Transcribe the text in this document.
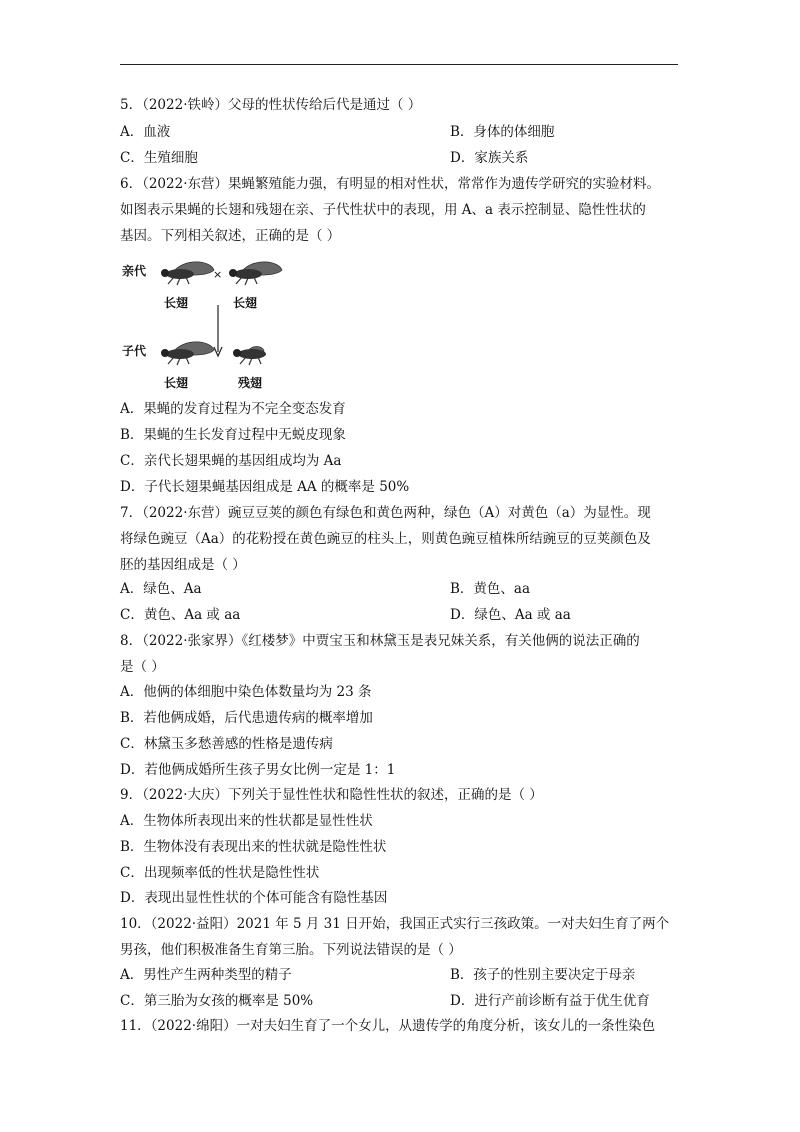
5．（2022·铁岭）父母的性状传给后代是通过（ ）
A．血液	B．身体的体细胞
C．生殖细胞	D．家族关系
6．（2022·东营）果蝇繁殖能力强，有明显的相对性状，常常作为遗传学研究的实验材料。
如图表示果蝇的长翅和残翅在亲、子代性状中的表现，用 A、a 表示控制显、隐性性状的
基因。下列相关叙述，正确的是（ ）
亲代	×
长翅	长翅
子代
长翅	残翅
A．果蝇的发育过程为不完全变态发育
B．果蝇的生长发育过程中无蜕皮现象
C．亲代长翅果蝇的基因组成均为 Aa
D．子代长翅果蝇基因组成是 AA 的概率是 50%
7．（2022·东营）豌豆豆荚的颜色有绿色和黄色两种，绿色（A）对黄色（a）为显性。现
将绿色豌豆（Aa）的花粉授在黄色豌豆的柱头上，则黄色豌豆植株所结豌豆的豆荚颜色及
胚的基因组成是（ ）
A．绿色、Aa	B．黄色、aa
C．黄色、Aa 或 aa	D．绿色、Aa 或 aa
8．（2022·张家界）《红楼梦》中贾宝玉和林黛玉是表兄妹关系，有关他俩的说法正确的
是（ ）
A．他俩的体细胞中染色体数量均为 23 条
B．若他俩成婚，后代患遗传病的概率增加
C．林黛玉多愁善感的性格是遗传病
D．若他俩成婚所生孩子男女比例一定是 1：1
9．（2022·大庆）下列关于显性性状和隐性性状的叙述，正确的是（ ）
A．生物体所表现出来的性状都是显性性状
B．生物体没有表现出来的性状就是隐性性状
C．出现频率低的性状是隐性性状
D．表现出显性性状的个体可能含有隐性基因
10．（2022·益阳）2021 年 5 月 31 日开始，我国正式实行三孩政策。一对夫妇生育了两个
男孩，他们积极准备生育第三胎。下列说法错误的是（ ）
A．男性产生两种类型的精子	B．孩子的性别主要决定于母亲
C．第三胎为女孩的概率是 50%	D．进行产前诊断有益于优生优育
11．（2022·绵阳）一对夫妇生育了一个女儿，从遗传学的角度分析，该女儿的一条性染色
